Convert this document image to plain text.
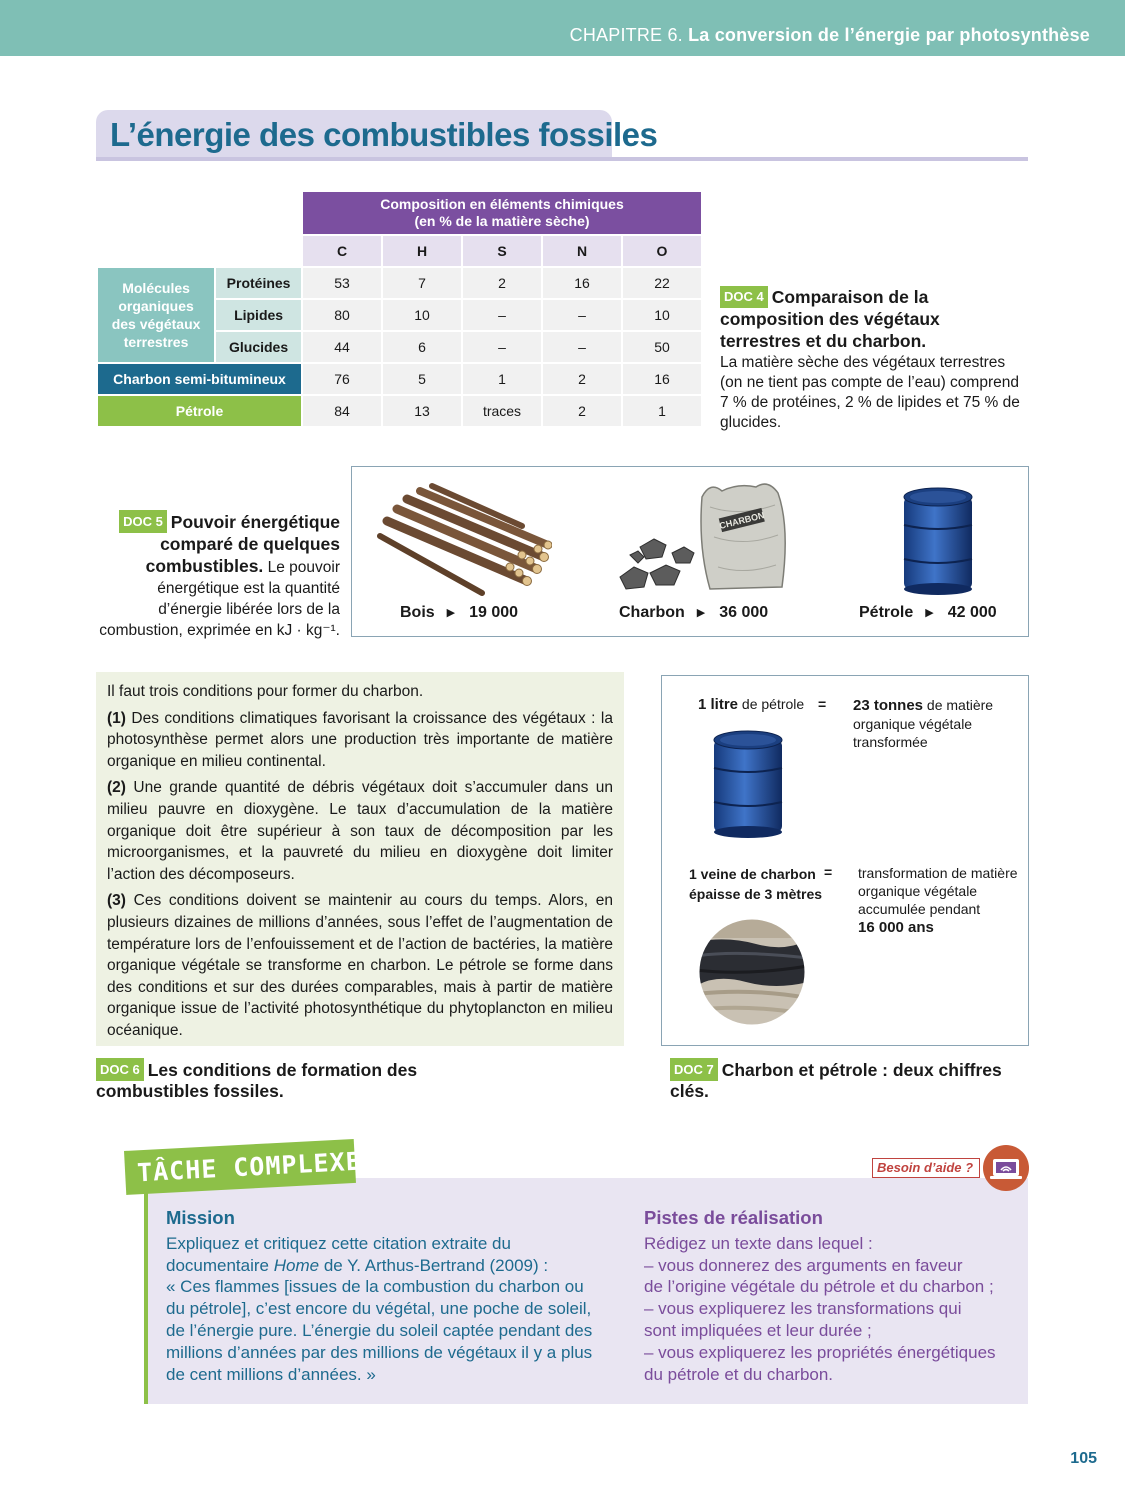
CHAPITRE 6. La conversion de l’énergie par photosynthèse
L’énergie des combustibles fossiles
		Composition en éléments chimiques
(en % de la matière sèche)				
		C	H	S	N	O
Molécules
organiques
des végétaux
terrestres	Protéines	53	7	2	16	22
	Lipides	80	10	–	–	10
	Glucides	44	6	–	–	50
Charbon semi-bitumineux		76	5	1	2	16
Pétrole		84	13	traces	2	1
DOC 4 Comparaison de la composition des végétaux terrestres et du charbon.
La matière sèche des végétaux terrestres (on ne tient pas compte de l’eau) comprend 7 % de protéines, 2 % de lipides et 75 % de glucides.
DOC 5 Pouvoir énergétique comparé de quelques combustibles. Le pouvoir énergétique est la quantité d’énergie libérée lors de la combustion, exprimée en kJ · kg⁻¹.
Bois ▶ 19 000
CHARBON
Charbon ▶ 36 000	Pétrole ▶ 42 000

Il faut trois conditions pour former du charbon.

(1) Des conditions climatiques favorisant la croissance des végétaux : la photosynthèse permet alors une production très importante de matière organique en milieu continental.

(2) Une grande quantité de débris végétaux doit s’accumuler dans un milieu pauvre en dioxygène. Le taux d’accumulation de la matière organique doit être supérieur à son taux de décomposition par les microorganismes, et la pauvreté du milieu en dioxygène doit limiter l’action des décomposeurs.

(3) Ces conditions doivent se maintenir au cours du temps. Alors, en plusieurs dizaines de millions d’années, sous l’effet de l’augmentation de température lors de l’enfouissement et de l’action de bactéries, la matière organique végétale se transforme en charbon. Le pétrole se forme dans des conditions et sur des durées comparables, mais à partir de matière organique issue de l’activité photosynthétique du phytoplancton en milieu océanique.

DOC 6 Les conditions de formation des combustibles fossiles.
1 litre de pétrole = 23 tonnes de matière
organique végétale
transformée
1 veine de charbon
épaisse de 3 mètres
= transformation de matière
organique végétale
accumulée pendant
16 000 ans
DOC 7 Charbon et pétrole : deux chiffres clés.
TÂCHE COMPLEXE	Besoin d’aide ?
Mission
Expliquez et critiquez cette citation extraite du
documentaire Home de Y. Arthus-Bertrand (2009) :
« Ces flammes [issues de la combustion du charbon ou du pétrole], c’est encore du végétal, une poche de soleil, de l’énergie pure. L’énergie du soleil captée pendant des millions d’années par des millions de végétaux il y a plus de cent millions d’années. »
Pistes de réalisation
Rédigez un texte dans lequel :
– vous donnerez des arguments en faveur
de l’origine végétale du pétrole et du charbon ;
– vous expliquerez les transformations qui
sont impliquées et leur durée ;
– vous expliquerez les propriétés énergétiques
du pétrole et du charbon.
105
